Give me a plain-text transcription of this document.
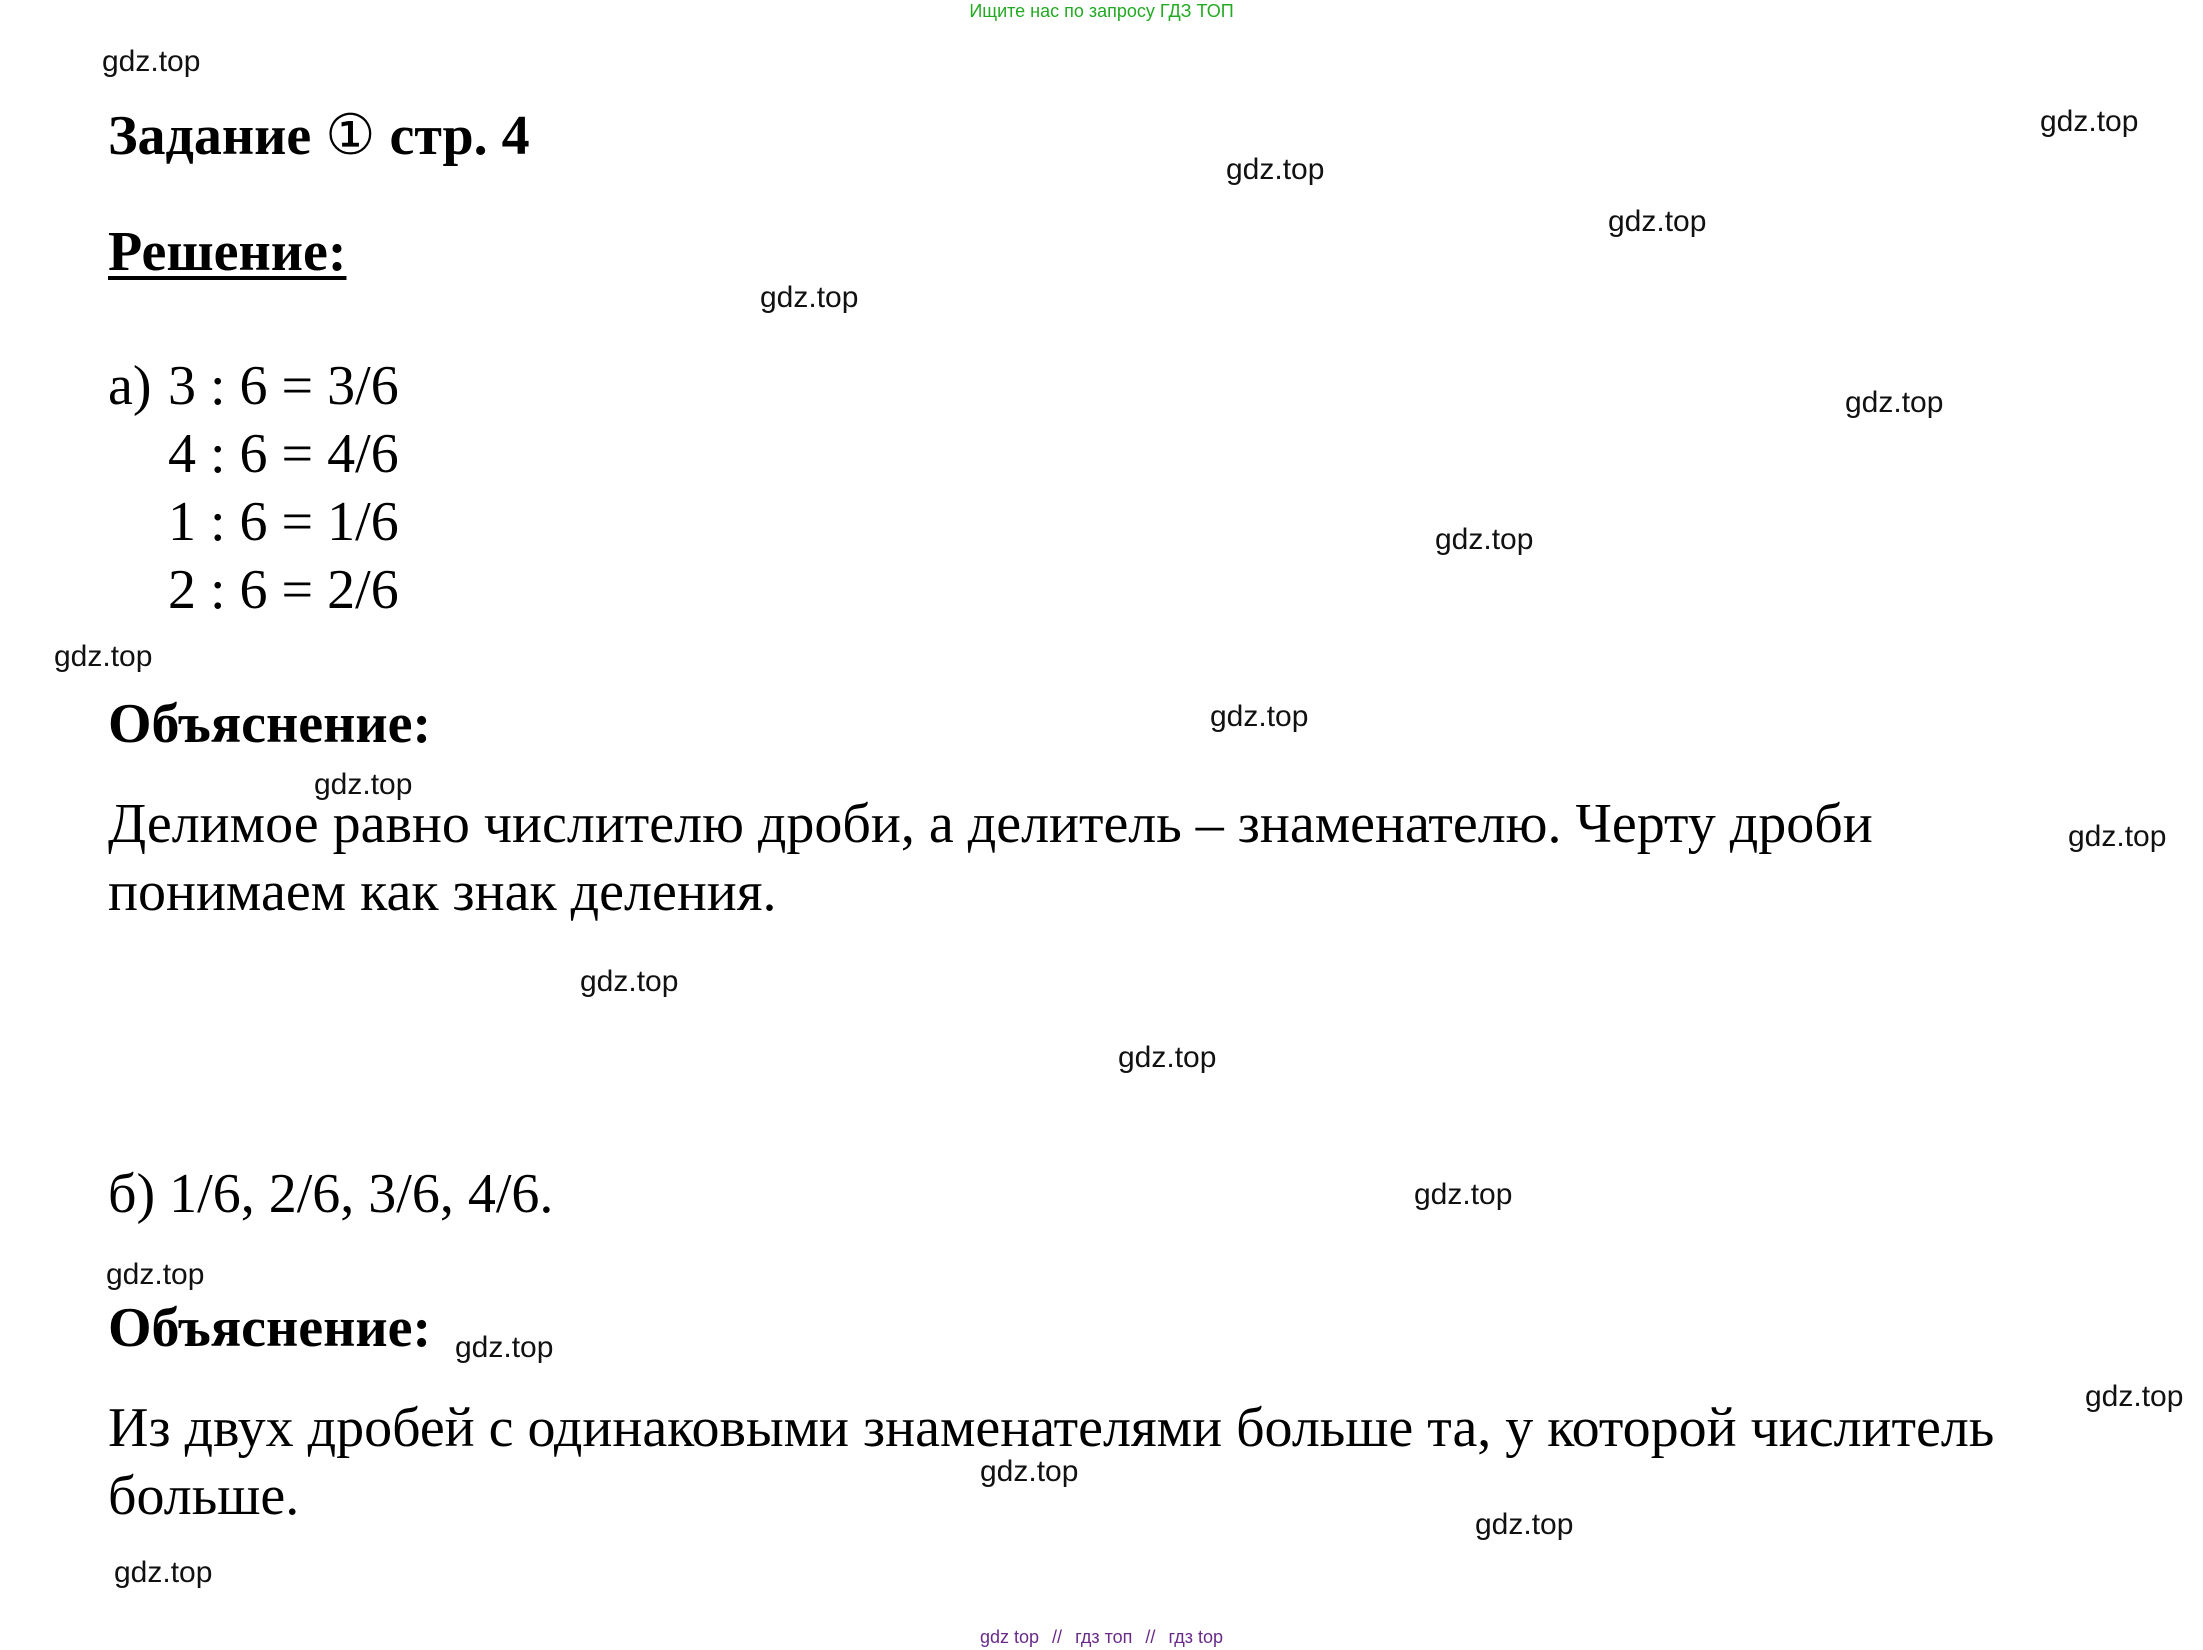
Ищите нас по запросу ГДЗ ТОП
Задание ① стр. 4
Решение:
а) 3 : 6 = 3/6
4 : 6 = 4/6
1 : 6 = 1/6
2 : 6 = 2/6
Объяснение:
Делимое равно числителю дроби, а делитель – знаменателю. Черту дроби
понимаем как знак деления.
б) 1/6, 2/6, 3/6, 4/6.
Объяснение:
Из двух дробей с одинаковыми знаменателями больше та, у которой числитель
больше.
gdz.top
gdz.top
gdz.top
gdz.top
gdz.top
gdz.top
gdz.top
gdz.top
gdz.top
gdz.top
gdz.top
gdz.top
gdz.top
gdz.top
gdz.top
gdz.top
gdz.top
gdz.top
gdz.top
gdz.top
gdz top // гдз топ // гдз top
